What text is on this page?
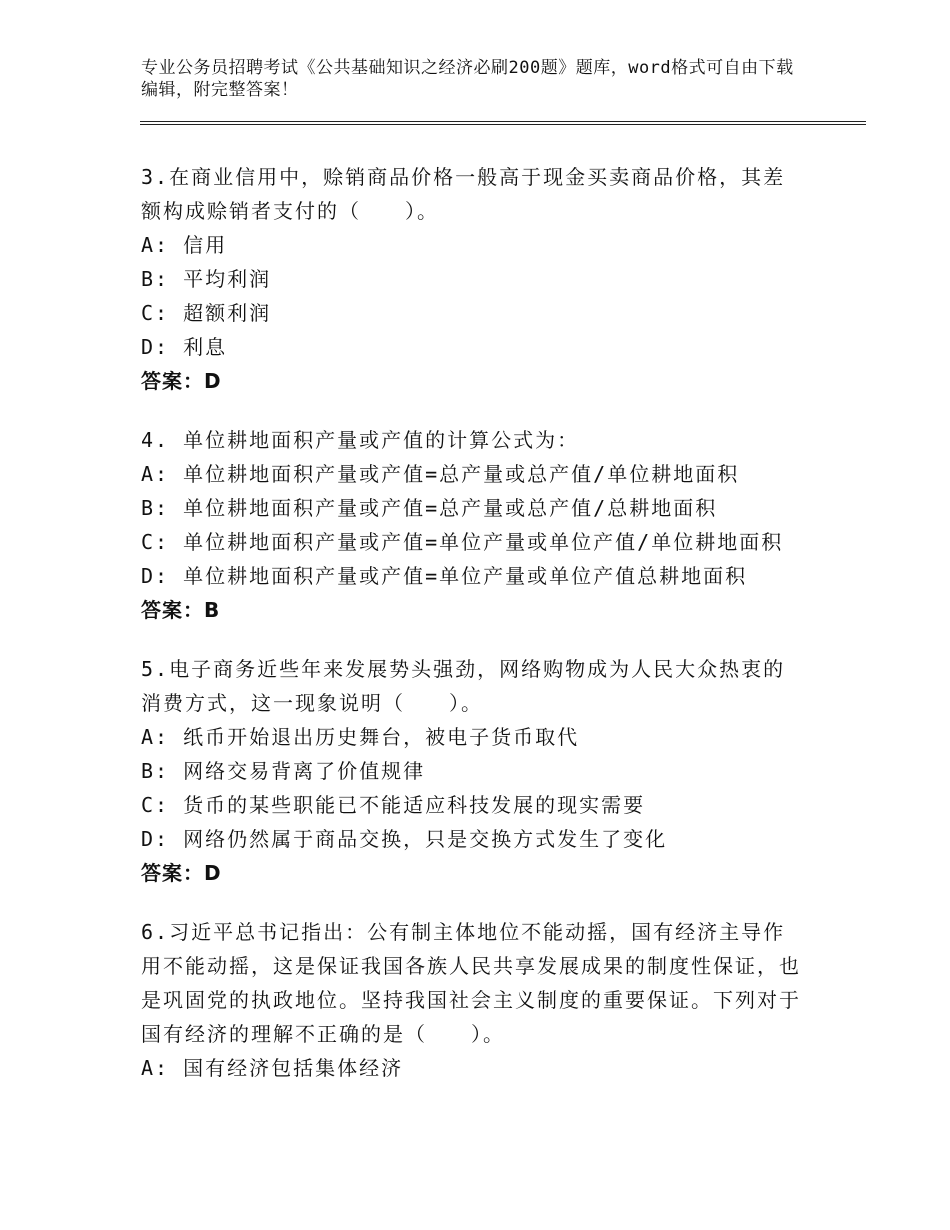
专业公务员招聘考试《公共基础知识之经济必刷200题》题库，word格式可自由下载编辑，附完整答案！
3.在商业信用中，赊销商品价格一般高于现金买卖商品价格，其差额构成赊销者支付的（　　）。
A: 信用
B: 平均利润
C: 超额利润
D: 利息
答案：D
4. 单位耕地面积产量或产值的计算公式为：
A: 单位耕地面积产量或产值=总产量或总产值/单位耕地面积
B: 单位耕地面积产量或产值=总产量或总产值/总耕地面积
C: 单位耕地面积产量或产值=单位产量或单位产值/单位耕地面积
D: 单位耕地面积产量或产值=单位产量或单位产值总耕地面积
答案：B
5.电子商务近些年来发展势头强劲，网络购物成为人民大众热衷的消费方式，这一现象说明（　　）。
A: 纸币开始退出历史舞台，被电子货币取代
B: 网络交易背离了价值规律
C: 货币的某些职能已不能适应科技发展的现实需要
D: 网络仍然属于商品交换，只是交换方式发生了变化
答案：D
6.习近平总书记指出：公有制主体地位不能动摇，国有经济主导作用不能动摇，这是保证我国各族人民共享发展成果的制度性保证，也是巩固党的执政地位。坚持我国社会主义制度的重要保证。下列对于国有经济的理解不正确的是（　　）。
A: 国有经济包括集体经济
